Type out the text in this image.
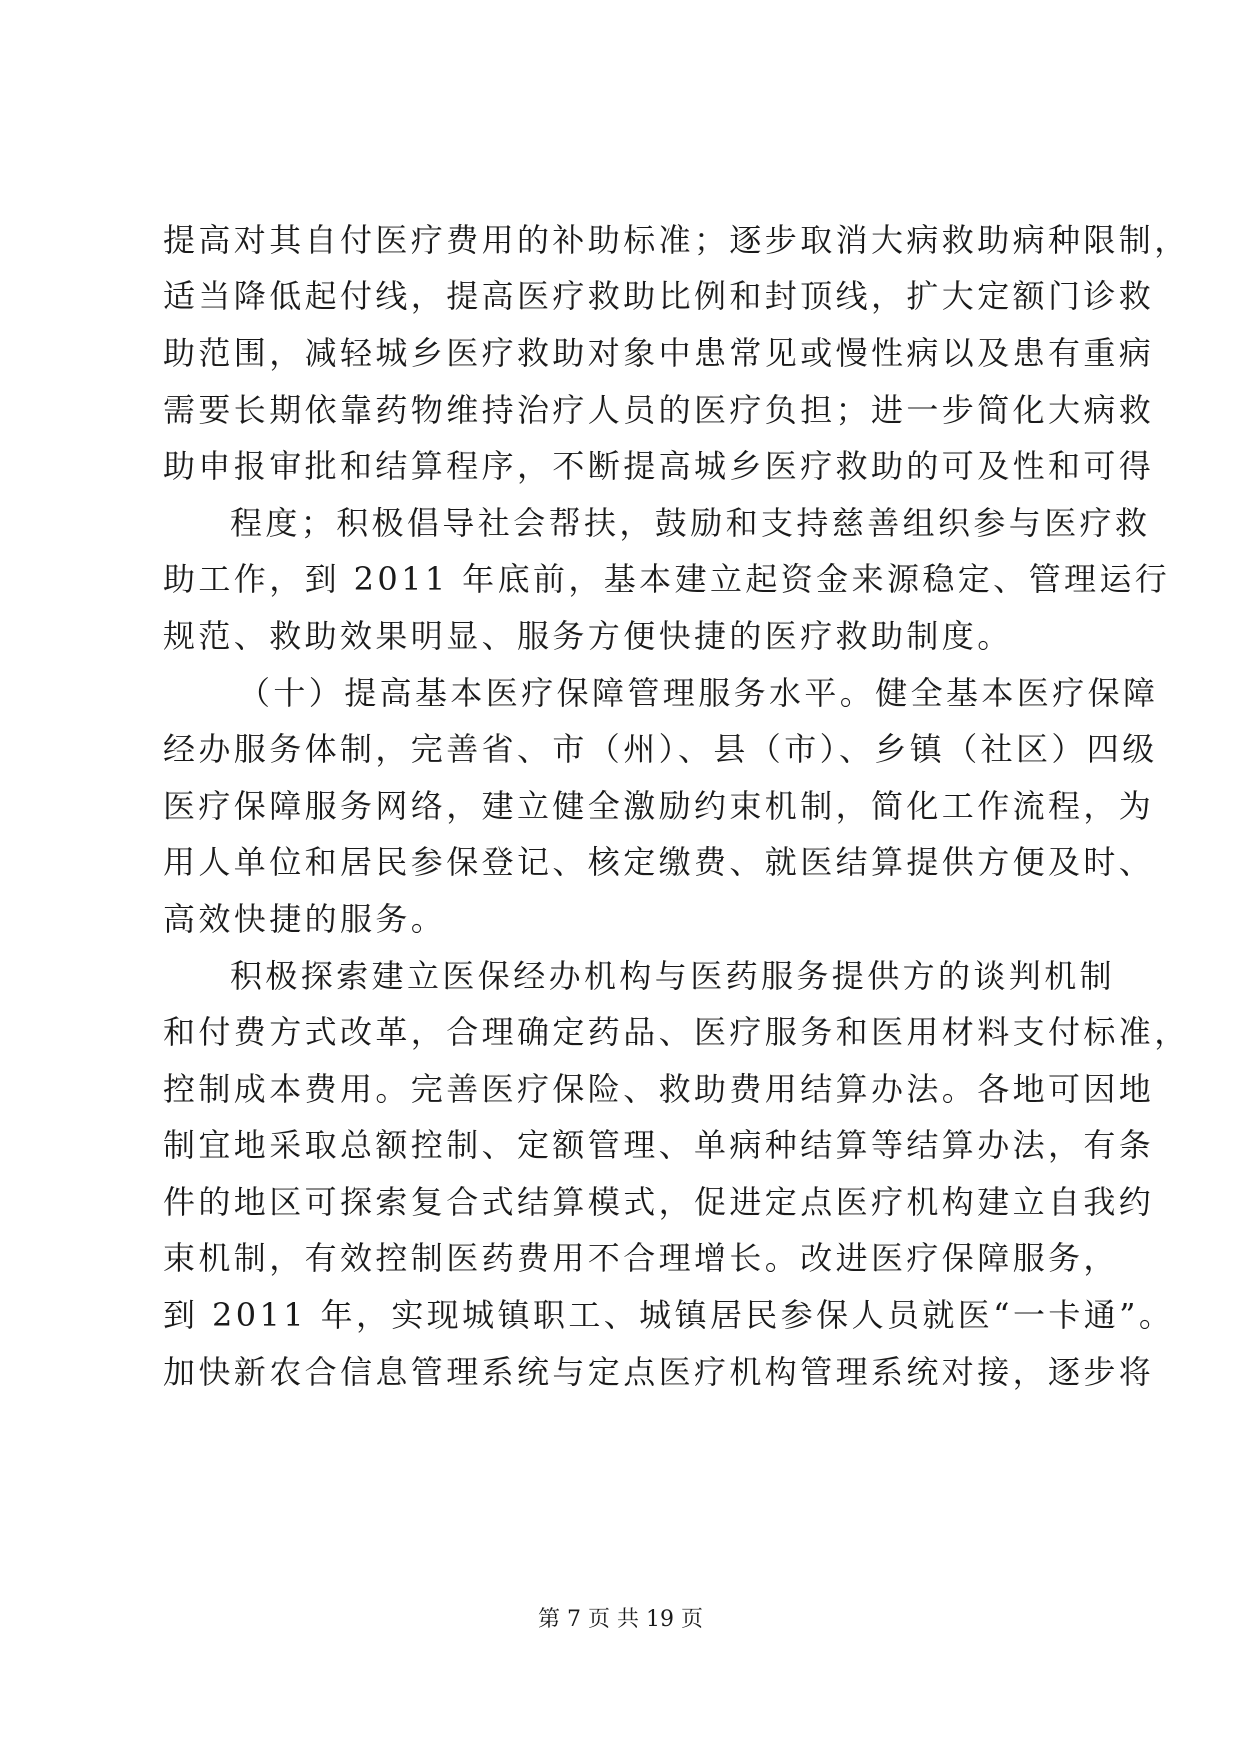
提高对其自付医疗费用的补助标准；逐步取消大病救助病种限制，
适当降低起付线，提高医疗救助比例和封顶线，扩大定额门诊救
助范围，减轻城乡医疗救助对象中患常见或慢性病以及患有重病
需要长期依靠药物维持治疗人员的医疗负担；进一步简化大病救
助申报审批和结算程序，不断提高城乡医疗救助的可及性和可得
程度；积极倡导社会帮扶，鼓励和支持慈善组织参与医疗救
助工作，到 2011 年底前，基本建立起资金来源稳定、管理运行
规范、救助效果明显、服务方便快捷的医疗救助制度。
（十）提高基本医疗保障管理服务水平。健全基本医疗保障
经办服务体制，完善省、市（州）、县（市）、乡镇（社区）四级
医疗保障服务网络，建立健全激励约束机制，简化工作流程，为
用人单位和居民参保登记、核定缴费、就医结算提供方便及时、
高效快捷的服务。
积极探索建立医保经办机构与医药服务提供方的谈判机制
和付费方式改革，合理确定药品、医疗服务和医用材料支付标准，
控制成本费用。完善医疗保险、救助费用结算办法。各地可因地
制宜地采取总额控制、定额管理、单病种结算等结算办法，有条
件的地区可探索复合式结算模式，促进定点医疗机构建立自我约
束机制，有效控制医药费用不合理增长。改进医疗保障服务，
到 2011 年，实现城镇职工、城镇居民参保人员就医“一卡通”。
加快新农合信息管理系统与定点医疗机构管理系统对接，逐步将
第 7 页 共 19 页
